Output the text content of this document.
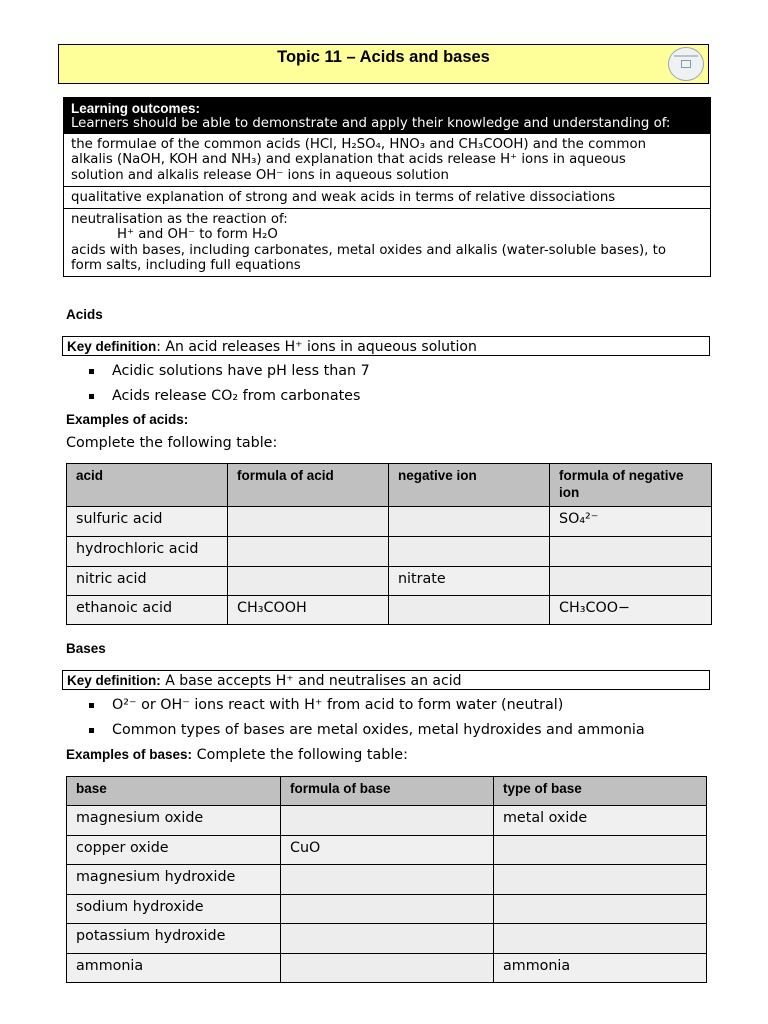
Topic 11 – Acids and bases
Learning outcomes:
Learners should be able to demonstrate and apply their knowledge and understanding of:
the formulae of the common acids (HCl, H₂SO₄, HNO₃ and CH₃COOH) and the common
alkalis (NaOH, KOH and NH₃) and explanation that acids release H⁺ ions in aqueous
solution and alkalis release OH⁻ ions in aqueous solution
qualitative explanation of strong and weak acids in terms of relative dissociations
neutralisation as the reaction of:
H⁺ and OH⁻ to form H₂O
acids with bases, including carbonates, metal oxides and alkalis (water-soluble bases), to
form salts, including full equations
Acids
Key definition: An acid releases H⁺ ions in aqueous solution
Acidic solutions have pH less than 7
Acids release CO₂ from carbonates
Examples of acids:
Complete the following table:
acid	formula of acid	negative ion	formula of negative ion
sulfuric acid			SO₄²⁻
hydrochloric acid			
nitric acid		nitrate	
ethanoic acid	CH₃COOH		CH₃COO−
Bases
Key definition: A base accepts H⁺ and neutralises an acid
O²⁻ or OH⁻ ions react with H⁺ from acid to form water (neutral)
Common types of bases are metal oxides, metal hydroxides and ammonia
Examples of bases: Complete the following table:
base	formula of base	type of base
magnesium oxide		metal oxide
copper oxide	CuO	
magnesium hydroxide		
sodium hydroxide		
potassium hydroxide		
ammonia		ammonia
